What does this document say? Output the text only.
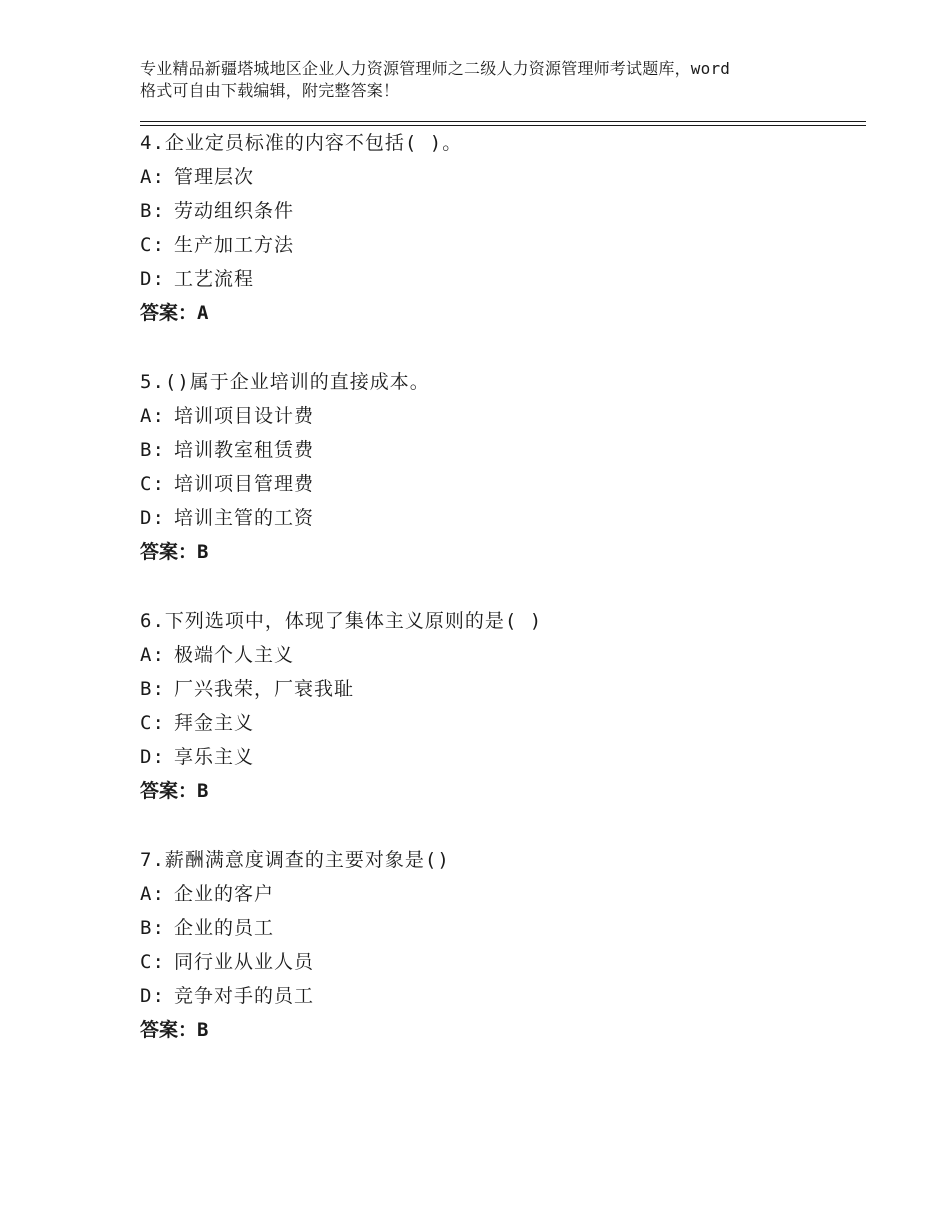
专业精品新疆塔城地区企业人力资源管理师之二级人力资源管理师考试题库，word
格式可自由下载编辑，附完整答案！
4.企业定员标准的内容不包括( )。
A: 管理层次
B: 劳动组织条件
C: 生产加工方法
D: 工艺流程
答案：A
5.()属于企业培训的直接成本。
A: 培训项目设计费
B: 培训教室租赁费
C: 培训项目管理费
D: 培训主管的工资
答案：B
6.下列选项中，体现了集体主义原则的是( )
A: 极端个人主义
B: 厂兴我荣，厂衰我耻
C: 拜金主义
D: 享乐主义
答案：B
7.薪酬满意度调查的主要对象是()
A: 企业的客户
B: 企业的员工
C: 同行业从业人员
D: 竞争对手的员工
答案：B
